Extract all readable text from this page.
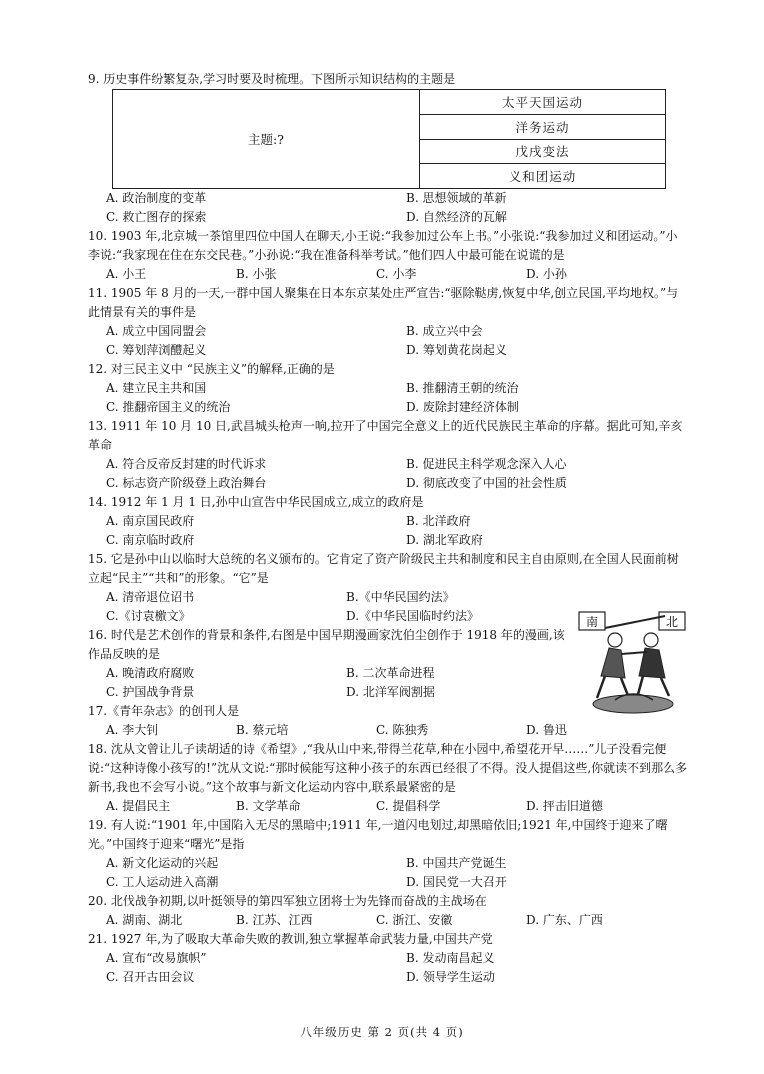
9. 历史事件纷繁复杂,学习时要及时梳理。下图所示知识结构的主题是
主题:?
太平天国运动
洋务运动
戊戌变法
义和团运动
A. 政治制度的变革	B. 思想领域的革新
C. 救亡图存的探索	D. 自然经济的瓦解
10. 1903 年,北京城一茶馆里四位中国人在聊天,小王说:“我参加过公车上书。”小张说:“我参加过义和团运动。”小李说:“我家现在住在东交民巷。”小孙说:“我在准备科举考试。”他们四人中最可能在说谎的是
A. 小王	B. 小张	C. 小李	D. 小孙
11. 1905 年 8 月的一天,一群中国人聚集在日本东京某处庄严宣告:“驱除鞑虏,恢复中华,创立民国,平均地权。”与此情景有关的事件是
A. 成立中国同盟会	B. 成立兴中会
C. 筹划萍浏醴起义	D. 筹划黄花岗起义
12. 对三民主义中 “民族主义”的解释,正确的是
A. 建立民主共和国	B. 推翻清王朝的统治
C. 推翻帝国主义的统治	D. 废除封建经济体制
13. 1911 年 10 月 10 日,武昌城头枪声一响,拉开了中国完全意义上的近代民族民主革命的序幕。据此可知,辛亥革命
A. 符合反帝反封建的时代诉求	B. 促进民主科学观念深入人心
C. 标志资产阶级登上政治舞台	D. 彻底改变了中国的社会性质
14. 1912 年 1 月 1 日,孙中山宣告中华民国成立,成立的政府是
A. 南京国民政府	B. 北洋政府
C. 南京临时政府	D. 湖北军政府
15. 它是孙中山以临时大总统的名义颁布的。它肯定了资产阶级民主共和制度和民主自由原则,在全国人民面前树立起“民主”“共和”的形象。“它”是
A. 清帝退位诏书	B.《中华民国约法》
C.《讨袁檄文》	D.《中华民国临时约法》
16. 时代是艺术创作的背景和条件,右图是中国早期漫画家沈伯尘创作于 1918 年的漫画,该作品反映的是
A. 晚清政府腐败	B. 二次革命进程
C. 护国战争背景	D. 北洋军阀割据
南	北
17.《青年杂志》的创刊人是
A. 李大钊	B. 蔡元培	C. 陈独秀	D. 鲁迅
18. 沈从文曾让儿子读胡适的诗《希望》,“我从山中来,带得兰花草,种在小园中,希望花开早……”儿子没看完便说:“这种诗像小孩写的!”沈从文说:“那时候能写这种小孩子的东西已经很了不得。没人提倡这些,你就读不到那么多新书,我也不会写小说。”这个故事与新文化运动内容中,联系最紧密的是
A. 提倡民主	B. 文学革命	C. 提倡科学	D. 抨击旧道德
19. 有人说:“1901 年,中国陷入无尽的黑暗中;1911 年,一道闪电划过,却黑暗依旧;1921 年,中国终于迎来了曙光。”中国终于迎来“曙光”是指
A. 新文化运动的兴起	B. 中国共产党诞生
C. 工人运动进入高潮	D. 国民党一大召开
20. 北伐战争初期,以叶挺领导的第四军独立团将士为先锋而奋战的主战场在
A. 湖南、湖北	B. 江苏、江西	C. 浙江、安徽	D. 广东、广西
八年级历史 第 2 页(共 4 页)
21. 1927 年,为了吸取大革命失败的教训,独立掌握革命武装力量,中国共产党
A. 宣布“改易旗帜”	B. 发动南昌起义
C. 召开古田会议	D. 领导学生运动
